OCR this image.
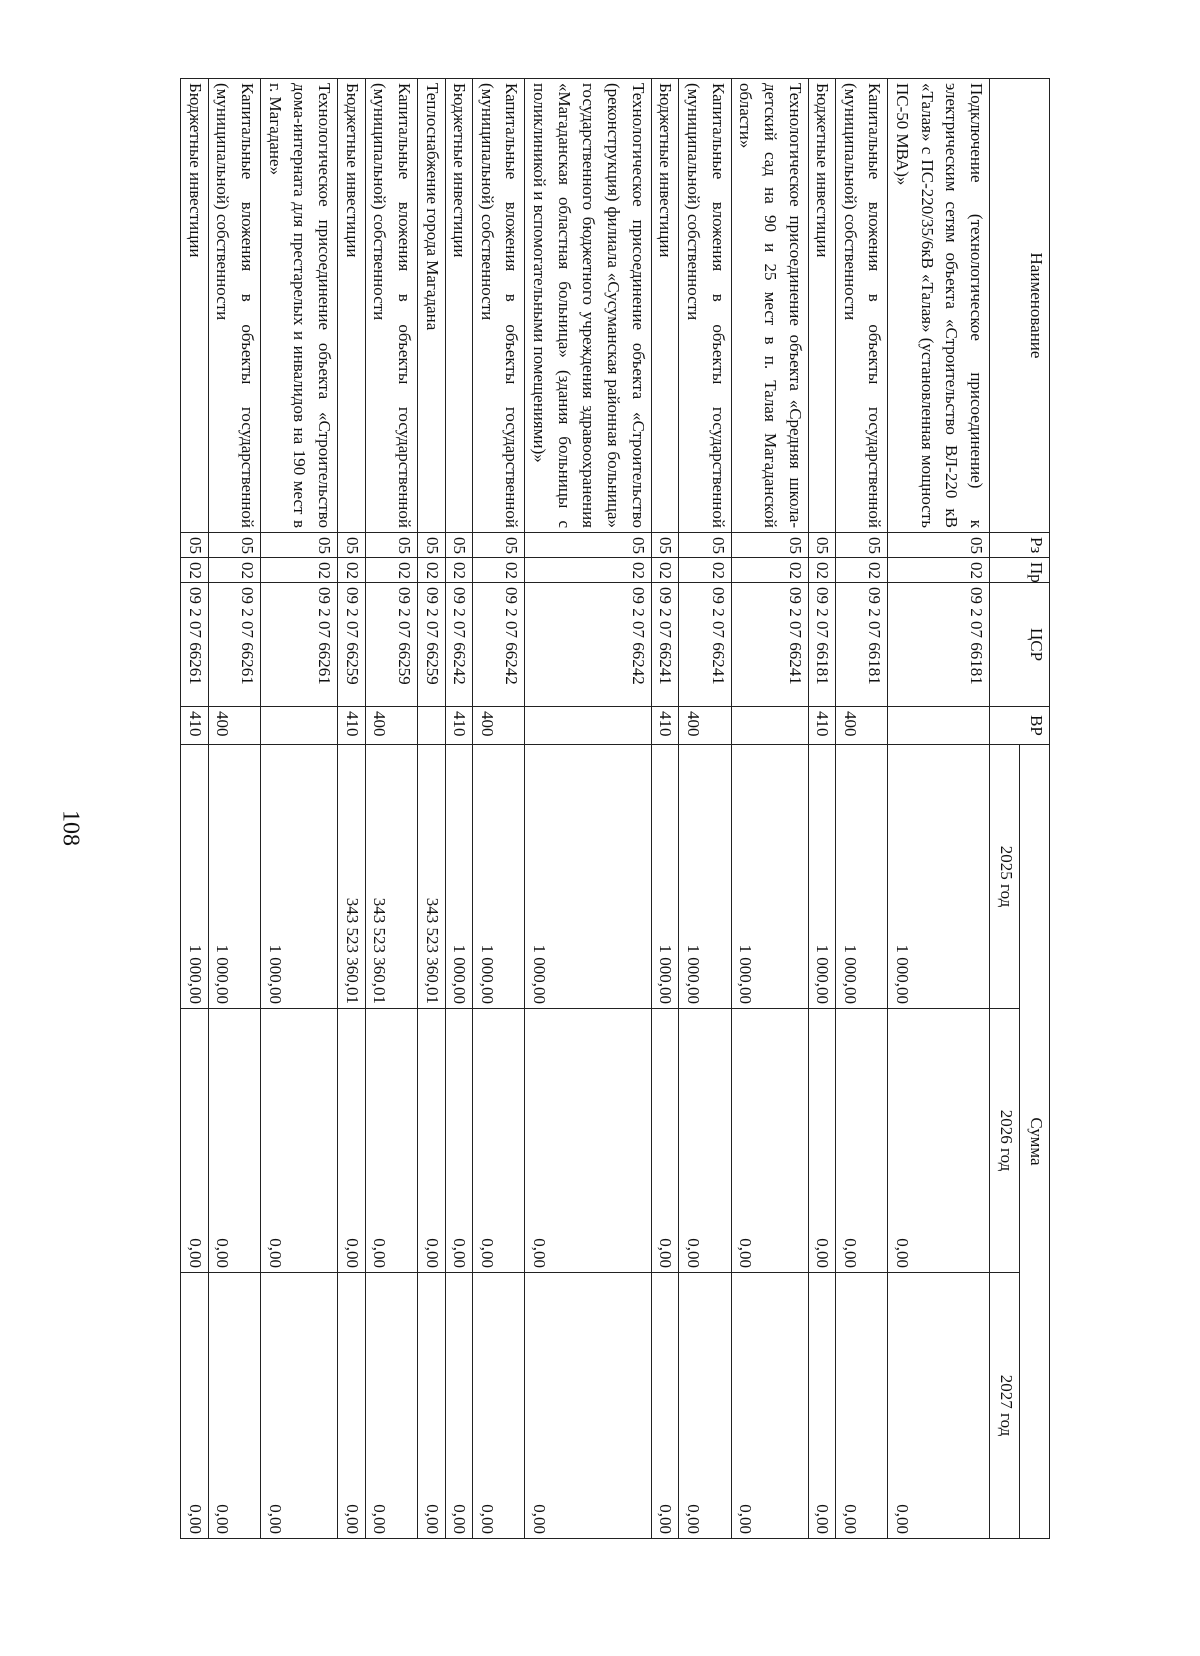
108
Наименование	Рз	Пр	ЦСР	ВР	Сумма		
					2025 год	2026 год	2027 год
Подключение (технологическое присоединение) к электрическим сетям объекта «Строительство ВЛ-220 кВ «Талая» с ПС-220/35/6кВ «Талая» (установленная мощность ПС-50 МВА)»	05	02	09 2 07 66181		1 000,00	0,00	0,00
Капитальные вложения в объекты государственной (муниципальной) собственности	05	02	09 2 07 66181	400	1 000,00	0,00	0,00
Бюджетные инвестиции	05	02	09 2 07 66181	410	1 000,00	0,00	0,00
Технологическое присоединение объекта «Средняя школа-детский сад на 90 и 25 мест в п. Талая Магаданской области»	05	02	09 2 07 66241		1 000,00	0,00	0,00
Капитальные вложения в объекты государственной (муниципальной) собственности	05	02	09 2 07 66241	400	1 000,00	0,00	0,00
Бюджетные инвестиции	05	02	09 2 07 66241	410	1 000,00	0,00	0,00
Технологическое присоединение объекта «Строительство (реконструкция) филиала «Сусуманская районная больница» государственного бюджетного учреждения здравоохранения «Магаданская областная больница» (здания больницы с поликлиникой и вспомогательными помещениями)»	05	02	09 2 07 66242		1 000,00	0,00	0,00
Капитальные вложения в объекты государственной (муниципальной) собственности	05	02	09 2 07 66242	400	1 000,00	0,00	0,00
Бюджетные инвестиции	05	02	09 2 07 66242	410	1 000,00	0,00	0,00
Теплоснабжение города Магадана	05	02	09 2 07 66259		343 523 360,01	0,00	0,00
Капитальные вложения в объекты государственной (муниципальной) собственности	05	02	09 2 07 66259	400	343 523 360,01	0,00	0,00
Бюджетные инвестиции	05	02	09 2 07 66259	410	343 523 360,01	0,00	0,00
Технологическое присоединение объекта «Строительство дома-интерната для престарелых и инвалидов на 190 мест в г. Магадане»	05	02	09 2 07 66261		1 000,00	0,00	0,00
Капитальные вложения в объекты государственной (муниципальной) собственности	05	02	09 2 07 66261	400	1 000,00	0,00	0,00
Бюджетные инвестиции	05	02	09 2 07 66261	410	1 000,00	0,00	0,00
